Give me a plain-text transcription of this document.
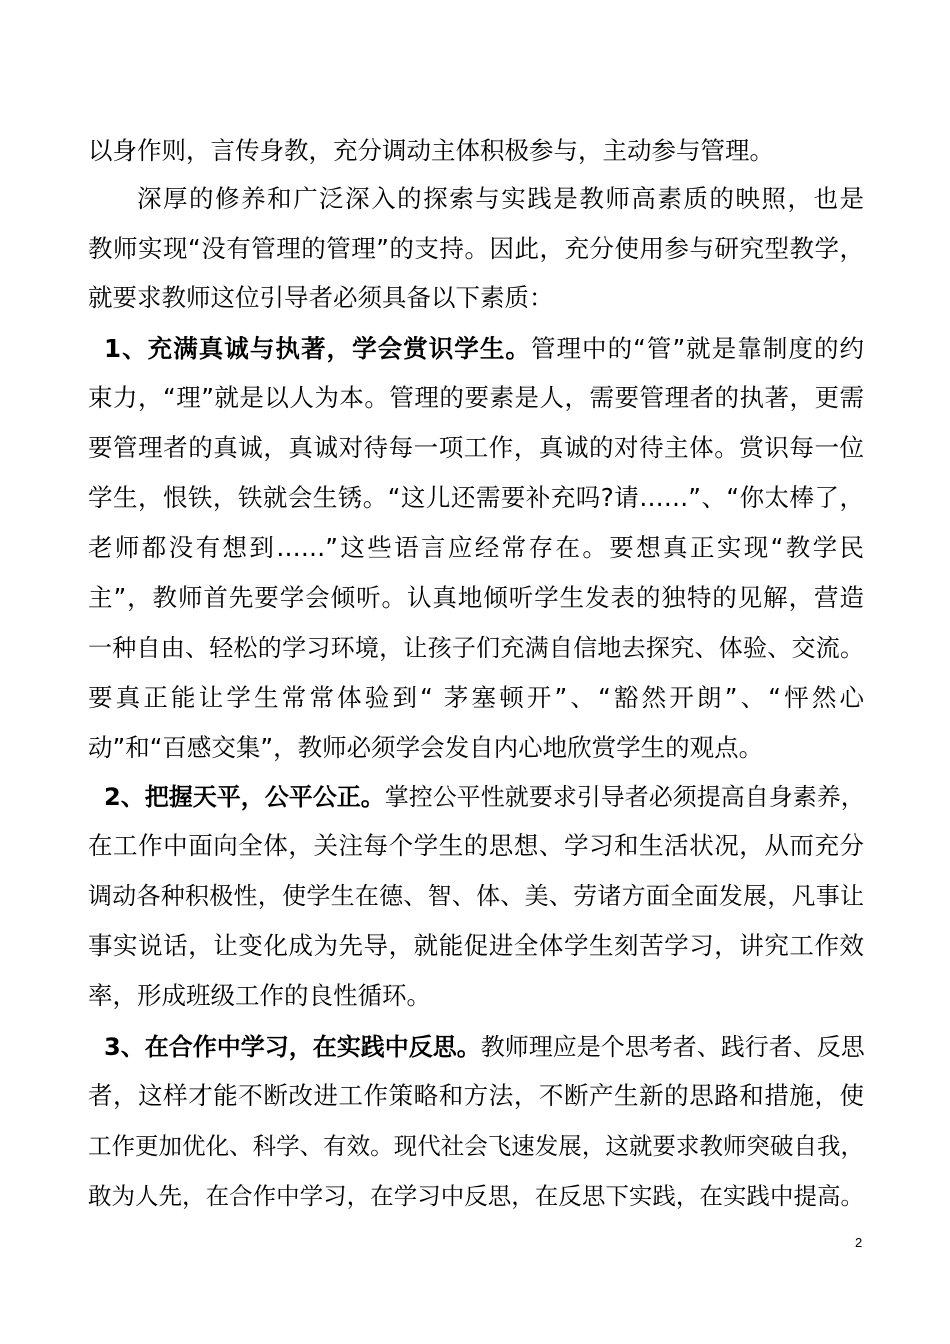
以身作则，言传身教，充分调动主体积极参与，主动参与管理。
深厚的修养和广泛深入的探索与实践是教师高素质的映照，也是
教师实现“没有管理的管理”的支持。因此，充分使用参与研究型教学，
就要求教师这位引导者必须具备以下素质：
1、充满真诚与执著，学会赏识学生。管理中的“管”就是靠制度的约
束力，“理”就是以人为本。管理的要素是人，需要管理者的执著，更需
要管理者的真诚，真诚对待每一项工作，真诚的对待主体。赏识每一位
学生，恨铁，铁就会生锈。“这儿还需要补充吗?请……”、“你太棒了，
老师都没有想到……”这些语言应经常存在。要想真正实现“教学民
主”，教师首先要学会倾听。认真地倾听学生发表的独特的见解，营造
一种自由、轻松的学习环境，让孩子们充满自信地去探究、体验、交流。
要真正能让学生常常体验到“ 茅塞顿开”、“豁然开朗”、“怦然心
动”和“百感交集”，教师必须学会发自内心地欣赏学生的观点。
2、把握天平，公平公正。掌控公平性就要求引导者必须提高自身素养，
在工作中面向全体，关注每个学生的思想、学习和生活状况，从而充分
调动各种积极性，使学生在德、智、体、美、劳诸方面全面发展，凡事让
事实说话，让变化成为先导，就能促进全体学生刻苦学习，讲究工作效
率，形成班级工作的良性循环。
3、在合作中学习，在实践中反思。教师理应是个思考者、践行者、反思
者，这样才能不断改进工作策略和方法，不断产生新的思路和措施，使
工作更加优化、科学、有效。现代社会飞速发展，这就要求教师突破自我，
敢为人先，在合作中学习，在学习中反思，在反思下实践，在实践中提高。
2
